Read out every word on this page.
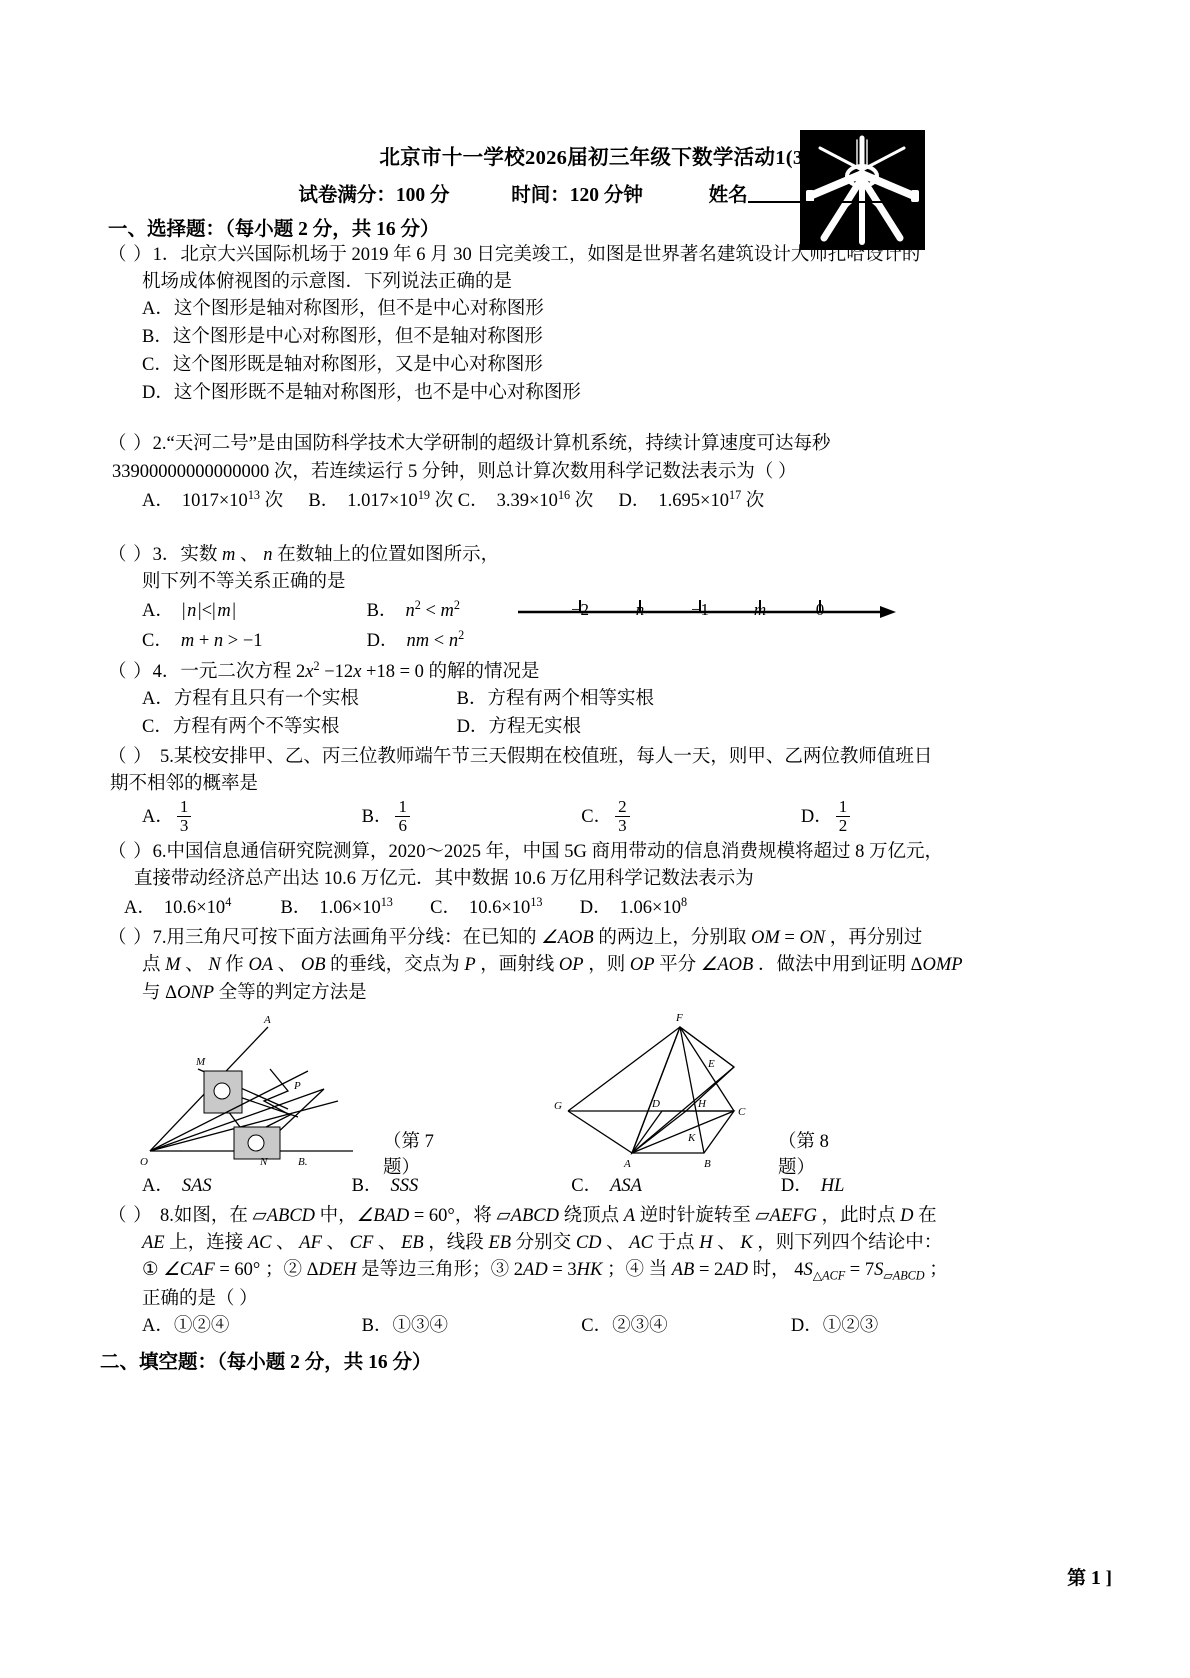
北京市十一学校2026届初三年级下数学活动1(3.6)
试卷满分：100 分	时间：120 分钟	姓名
一、选择题：（每小题 2 分，共 16 分）
（ ）1．北京大兴国际机场于 2019 年 6 月 30 日完美竣工，如图是世界著名建筑设计大师扎哈设计的
机场成体俯视图的示意图．下列说法正确的是
A．这个图形是轴对称图形，但不是中心对称图形
B．这个图形是中心对称图形，但不是轴对称图形
C．这个图形既是轴对称图形，又是中心对称图形
D．这个图形既不是轴对称图形，也不是中心对称图形
（ ）2.“天河二号”是由国防科学技术大学研制的超级计算机系统，持续计算速度可达每秒
33900000000000000 次，若连续运行 5 分钟，则总计算次数用科学记数法表示为（ ）
A． $1017\times 10^{13}$ 次 B． $1.017\times 10^{19}$ 次 C． $3.39\times 10^{16}$ 次 D． $1.695\times 10^{17}$ 次
（ ）3．实数 m 、 n 在数轴上的位置如图所示，
则下列不等关系正确的是
A． | n |<| m |	B． $n^2 < m^2$
C． m + n > −1	D． nm < $n^2$
−2	n	−1	m	0
（ ）4．一元二次方程 $2x^2 -12x +18 = 0$ 的解的情况是
A．方程有且只有一个实根	B．方程有两个相等实根
C．方程有两个不等实根	D．方程无实根
（ ） 5.某校安排甲、乙、丙三位教师端午节三天假期在校值班，每人一天，则甲、乙两位教师值班日
期不相邻的概率是
A． $\frac{1}{3}$	B． $\frac{1}{6}$	C． $\frac{2}{3}$	D． $\frac{1}{2}$
（ ）6.中国信息通信研究院测算，2020～2025 年，中国 5G 商用带动的信息消费规模将超过 8 万亿元，
直接带动经济总产出达 10.6 万亿元．其中数据 10.6 万亿用科学记数法表示为
A． $10.6\times 10^4$	B． $1.06\times 10^{13}$ C． $10.6\times 10^{13}$ D． $1.06\times 10^8$
（ ）7.用三角尺可按下面方法画角平分线：在已知的 ∠AOB 的两边上，分别取 OM = ON ，再分别过
点 M 、 N 作 OA 、 OB 的垂线，交点为 P ，画射线 OP ，则 OP 平分 ∠AOB ．做法中用到证明 ΔOMP
与 ΔONP 全等的判定方法是
A
M
P
O	N	B.
（第 7 题）
F
E
G	D	H
C
A
K
B
（第 8 题）
A． SAS	B． SSS	C． ASA	D． HL
（ ） 8.如图，在 ▱ABCD 中，∠BAD = 60°，将 ▱ABCD 绕顶点 A 逆时针旋转至 ▱AEFG ，此时点 D 在
AE 上，连接 AC 、 AF 、 CF 、 EB ，线段 EB 分别交 CD 、 AC 于点 H 、 K ，则下列四个结论中：
① ∠CAF = 60° ；② ΔDEH 是等边三角形；③ 2AD = 3HK ；④ 当 AB = 2AD 时， $4S_{\triangle ACF} = 7S_{▱ABCD}$ ；
正确的是（ ）
A．①②④	B．①③④	C．②③④	D．①②③
二、填空题：（每小题 2 分，共 16 分）
第 1 ]
